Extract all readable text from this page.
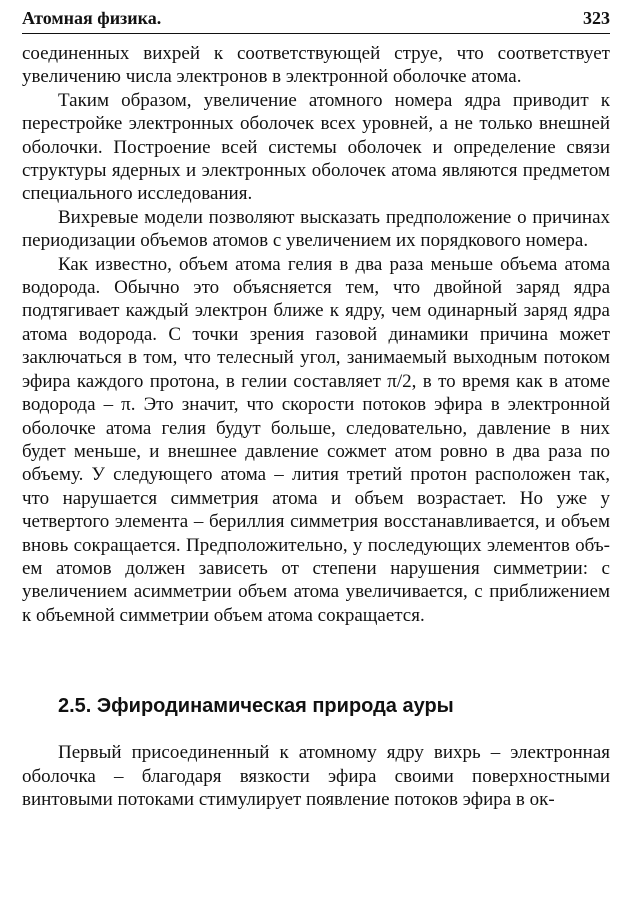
Атомная физика.	323

соединенных вихрей к соответствующей струе, что соответствует увеличению числа электронов в электронной оболочке атома.

Таким образом, увеличение атомного номера ядра приводит к перестройке электронных оболочек всех уровней, а не только внешней оболочки. Построение всей системы оболочек и определение связи структуры ядерных и электронных оболочек атома являются предметом специального исследования.

Вихревые модели позволяют высказать предположение о причинах периодизации объемов атомов с увеличением их порядкового номера.

Как известно, объем атома гелия в два раза меньше объема атома водорода. Обычно это объясняется тем, что двойной заряд ядра подтягивает каждый электрон ближе к ядру, чем одинарный заряд ядра атома водорода. С точки зрения газовой динамики причина может заключаться в том, что телесный угол, занимаемый выходным потоком эфира каждого протона, в гелии составляет π/2, в то время как в атоме водорода – π. Это значит, что скорости потоков эфира в электронной оболочке атома гелия будут больше, следовательно, давление в них будет меньше, и внешнее давление сожмет атом ровно в два раза по объему. У следующего атома – лития третий протон расположен так, что нарушается симметрия атома и объем возрастает. Но уже у четвертого элемента – бериллия симметрия восстанавливается, и объем вновь сокращается. Предположительно, у последующих элементов объем атомов должен зависеть от степени нарушения симметрии: с увеличением асимметрии объем атома увеличивается, с приближением к объемной симметрии объем атома сокращается.

2.5. Эфиродинамическая природа ауры

Первый присоединенный к атомному ядру вихрь – электронная оболочка – благодаря вязкости эфира своими поверхностными винтовыми потоками стимулирует появление потоков эфира в ок-
